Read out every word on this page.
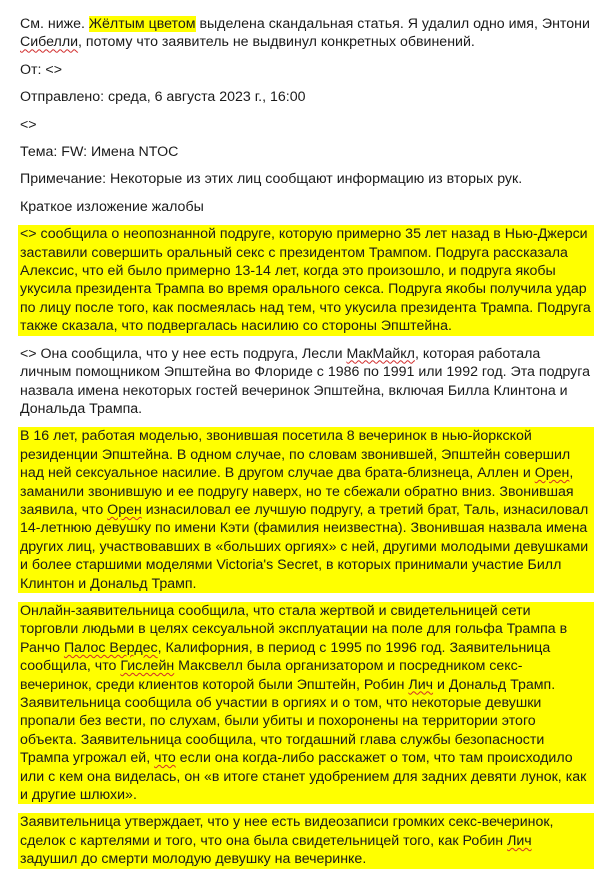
См. ниже. Жёлтым цветом выделена скандальная статья. Я удалил одно имя, Энтони Сибелли, потому что заявитель не выдвинул конкретных обвинений.

От: <>

Отправлено: среда, 6 августа 2023 г., 16:00

<>

Тема: FW: Имена NTOC

Примечание: Некоторые из этих лиц сообщают информацию из вторых рук.

Краткое изложение жалобы

<> сообщила о неопознанной подруге, которую примерно 35 лет назад в Нью-Джерси заставили совершить оральный секс с президентом Трампом. Подруга рассказала Алексис, что ей было примерно 13-14 лет, когда это произошло, и подруга якобы укусила президента Трампа во время орального секса. Подруга якобы получила удар по лицу после того, как посмеялась над тем, что укусила президента Трампа. Подруга также сказала, что подвергалась насилию со стороны Эпштейна.

<> Она сообщила, что у нее есть подруга, Лесли МакМайкл, которая работала личным помощником Эпштейна во Флориде с 1986 по 1991 или 1992 год. Эта подруга назвала имена некоторых гостей вечеринок Эпштейна, включая Билла Клинтона и Дональда Трампа.

В 16 лет, работая моделью, звонившая посетила 8 вечеринок в нью-йоркской резиденции Эпштейна. В одном случае, по словам звонившей, Эпштейн совершил над ней сексуальное насилие. В другом случае два брата-близнеца, Аллен и Орен, заманили звонившую и ее подругу наверх, но те сбежали обратно вниз. Звонившая заявила, что Орен изнасиловал ее лучшую подругу, а третий брат, Таль, изнасиловал 14-летнюю девушку по имени Кэти (фамилия неизвестна). Звонившая назвала имена других лиц, участвовавших в «больших оргиях» с ней, другими молодыми девушками и более старшими моделями Victoria's Secret, в которых принимали участие Билл Клинтон и Дональд Трамп.

Онлайн-заявительница сообщила, что стала жертвой и свидетельницей сети торговли людьми в целях сексуальной эксплуатации на поле для гольфа Трампа в Ранчо Палос Вердес, Калифорния, в период с 1995 по 1996 год. Заявительница сообщила, что Гислейн Максвелл была организатором и посредником секс-вечеринок, среди клиентов которой были Эпштейн, Робин Лич и Дональд Трамп. Заявительница сообщила об участии в оргиях и о том, что некоторые девушки пропали без вести, по слухам, были убиты и похоронены на территории этого объекта. Заявительница сообщила, что тогдашний глава службы безопасности Трампа угрожал ей, что если она когда-либо расскажет о том, что там происходило или с кем она виделась, он «в итоге станет удобрением для задних девяти лунок, как и другие шлюхи».

Заявительница утверждает, что у нее есть видеозаписи громких секс-вечеринок, сделок с картелями и того, что она была свидетельницей того, как Робин Лич задушил до смерти молодую девушку на вечеринке.
